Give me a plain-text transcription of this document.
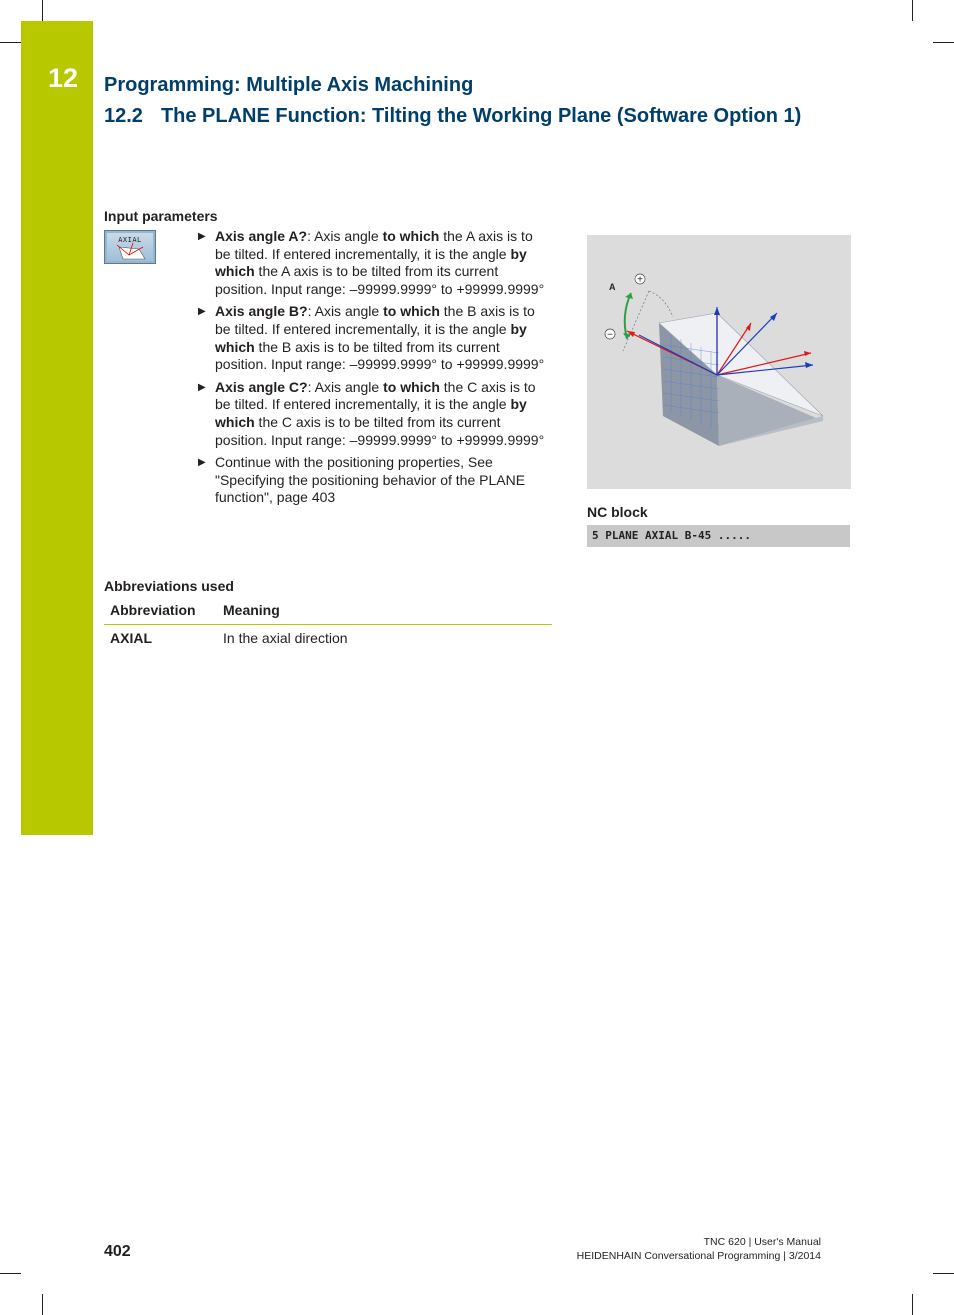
12 Programming: Multiple Axis Machining
12.2 The PLANE Function: Tilting the Working Plane (Software Option 1)

Input parameters

AXIAL	▶ Axis angle A?: Axis angle to which the A axis is to be tilted. If entered incrementally, it is the angle by which the A axis is to be tilted from its current position. Input range: –99999.9999° to +99999.9999°
▶ Axis angle B?: Axis angle to which the B axis is to be tilted. If entered incrementally, it is the angle by which the B axis is to be tilted from its current position. Input range: –99999.9999° to +99999.9999°
▶ Axis angle C?: Axis angle to which the C axis is to be tilted. If entered incrementally, it is the angle by which the C axis is to be tilted from its current position. Input range: –99999.9999° to +99999.9999°
▶ Continue with the positioning properties, See "Specifying the positioning behavior of the PLANE function", page 403
+
−
A

NC block

5 PLANE AXIAL B-45 .....

Abbreviations used

Abbreviation	Meaning
AXIAL	In the axial direction
402
TNC 620 | User's Manual
HEIDENHAIN Conversational Programming | 3/2014
